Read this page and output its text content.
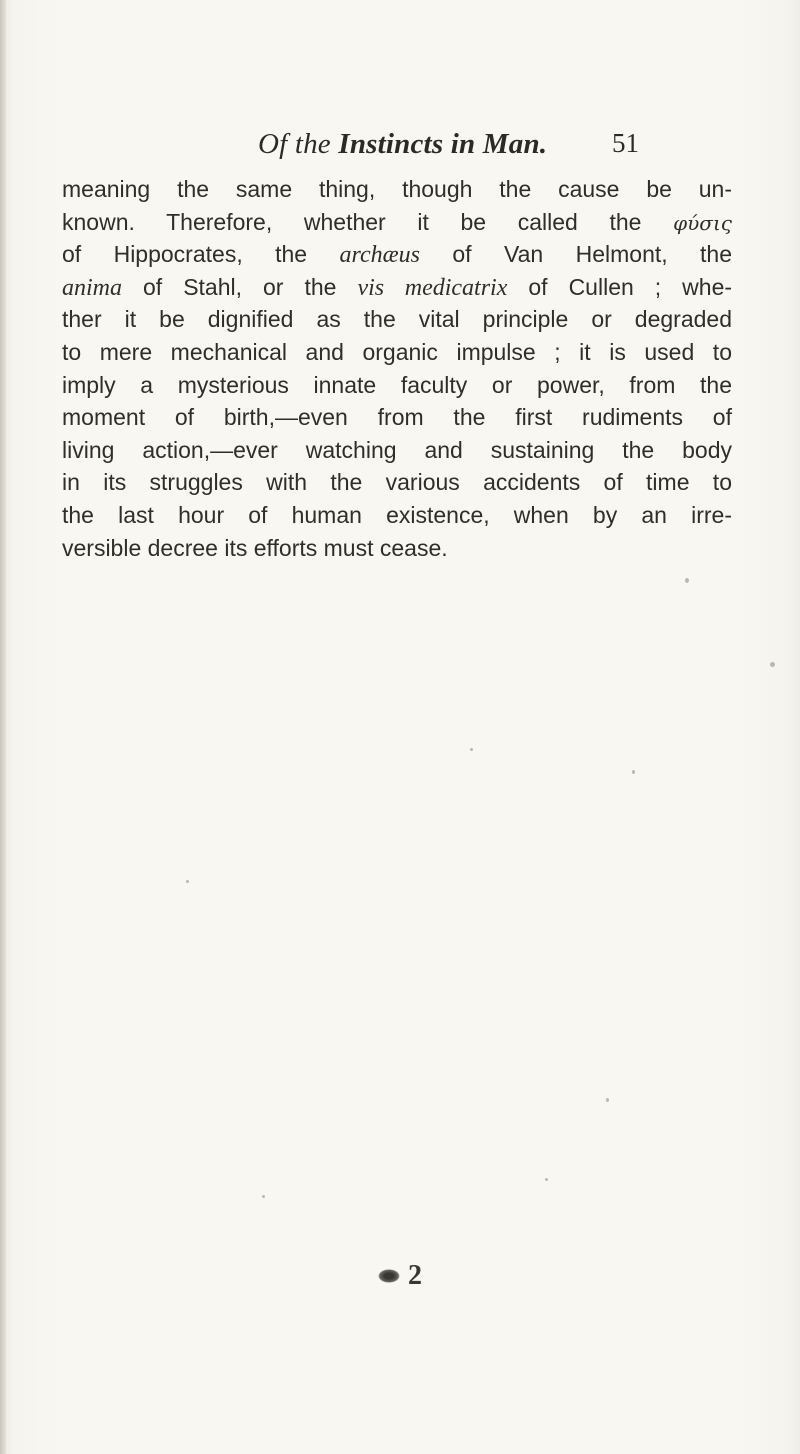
Of the Instincts in Man. 51
meaning the same thing, though the cause be un-
known. Therefore, whether it be called the φύσις
of Hippocrates, the archæus of Van Helmont, the
anima of Stahl, or the vis medicatrix of Cullen ; whe-
ther it be dignified as the vital principle or degraded
to mere mechanical and organic impulse ; it is used to
imply a mysterious innate faculty or power, from the
moment of birth,—even from the first rudiments of
living action,—ever watching and sustaining the body
in its struggles with the various accidents of time to
the last hour of human existence, when by an irre-
versible decree its efforts must cease.
2
